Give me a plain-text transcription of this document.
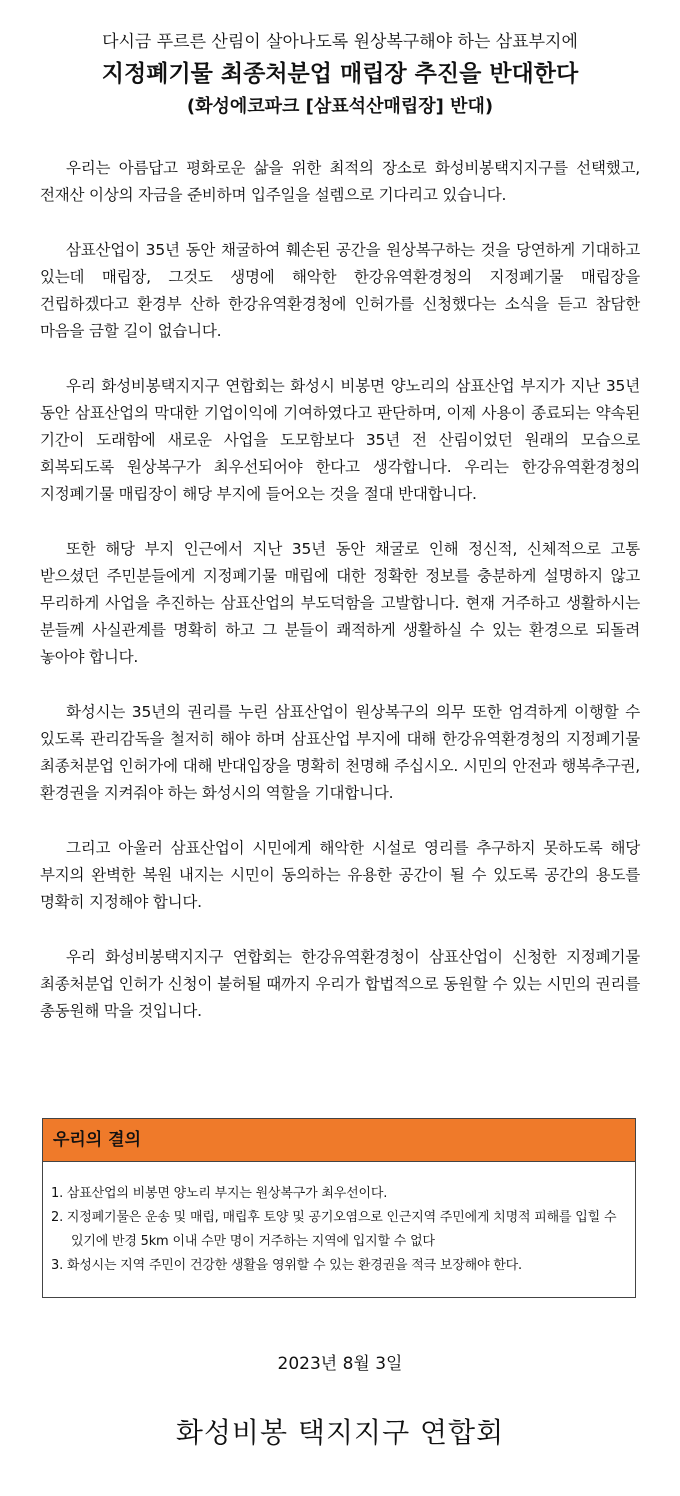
다시금 푸르른 산림이 살아나도록 원상복구해야 하는 삼표부지에
지정폐기물 최종처분업 매립장 추진을 반대한다
(화성에코파크 [삼표석산매립장] 반대)

우리는 아름답고 평화로운 삶을 위한 최적의 장소로 화성비봉택지지구를 선택했고, 전재산 이상의 자금을 준비하며 입주일을 설렘으로 기다리고 있습니다.

삼표산업이 35년 동안 채굴하여 훼손된 공간을 원상복구하는 것을 당연하게 기대하고 있는데 매립장, 그것도 생명에 해악한 한강유역환경청의 지정폐기물 매립장을 건립하겠다고 환경부 산하 한강유역환경청에 인허가를 신청했다는 소식을 듣고 참담한 마음을 금할 길이 없습니다.

우리 화성비봉택지지구 연합회는 화성시 비봉면 양노리의 삼표산업 부지가 지난 35년 동안 삼표산업의 막대한 기업이익에 기여하였다고 판단하며, 이제 사용이 종료되는 약속된 기간이 도래함에 새로운 사업을 도모함보다 35년 전 산림이었던 원래의 모습으로 회복되도록 원상복구가 최우선되어야 한다고 생각합니다. 우리는 한강유역환경청의 지정폐기물 매립장이 해당 부지에 들어오는 것을 절대 반대합니다.

또한 해당 부지 인근에서 지난 35년 동안 채굴로 인해 정신적, 신체적으로 고통 받으셨던 주민분들에게 지정폐기물 매립에 대한 정확한 정보를 충분하게 설명하지 않고 무리하게 사업을 추진하는 삼표산업의 부도덕함을 고발합니다. 현재 거주하고 생활하시는 분들께 사실관계를 명확히 하고 그 분들이 쾌적하게 생활하실 수 있는 환경으로 되돌려 놓아야 합니다.

화성시는 35년의 권리를 누린 삼표산업이 원상복구의 의무 또한 엄격하게 이행할 수 있도록 관리감독을 철저히 해야 하며 삼표산업 부지에 대해 한강유역환경청의 지정폐기물 최종처분업 인허가에 대해 반대입장을 명확히 천명해 주십시오. 시민의 안전과 행복추구권, 환경권을 지켜줘야 하는 화성시의 역할을 기대합니다.

그리고 아울러 삼표산업이 시민에게 해악한 시설로 영리를 추구하지 못하도록 해당 부지의 완벽한 복원 내지는 시민이 동의하는 유용한 공간이 될 수 있도록 공간의 용도를 명확히 지정해야 합니다.

우리 화성비봉택지지구 연합회는 한강유역환경청이 삼표산업이 신청한 지정폐기물 최종처분업 인허가 신청이 불허될 때까지 우리가 합법적으로 동원할 수 있는 시민의 권리를 총동원해 막을 것입니다.

우리의 결의
1. 삼표산업의 비봉면 양노리 부지는 원상복구가 최우선이다.
2. 지정폐기물은 운송 및 매립, 매립후 토양 및 공기오염으로 인근지역 주민에게 치명적 피해를 입힐 수 있기에 반경 5km 이내 수만 명이 거주하는 지역에 입지할 수 없다
3. 화성시는 지역 주민이 건강한 생활을 영위할 수 있는 환경권을 적극 보장해야 한다.
2023년 8월 3일
화성비봉 택지지구 연합회
